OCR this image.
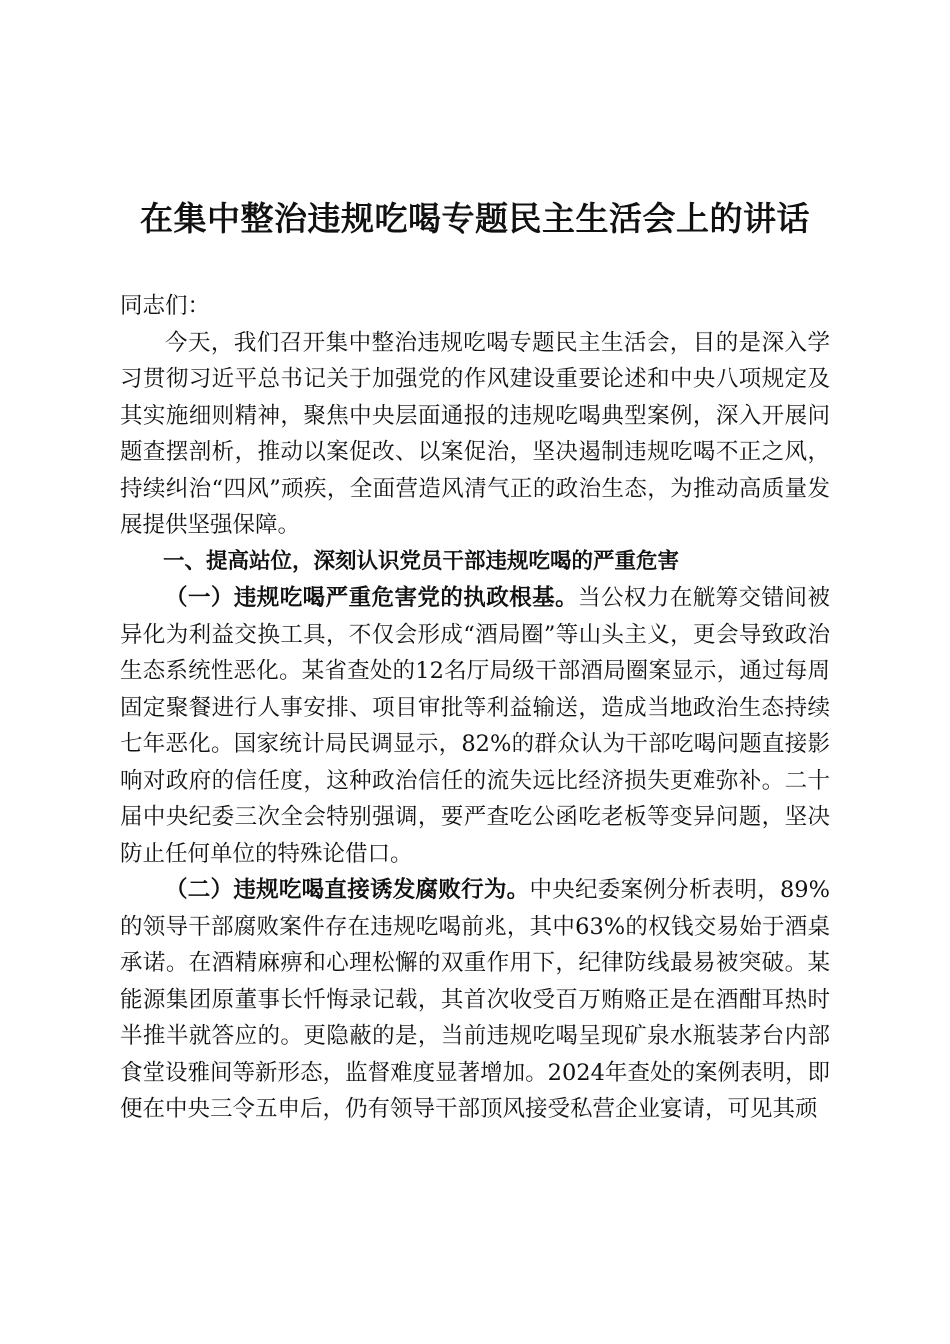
在集中整治违规吃喝专题民主生活会上的讲话

同志们：

今天，我们召开集中整治违规吃喝专题民主生活会，目的是深入学习贯彻习近平总书记关于加强党的作风建设重要论述和中央八项规定及其实施细则精神，聚焦中央层面通报的违规吃喝典型案例，深入开展问题查摆剖析，推动以案促改、以案促治，坚决遏制违规吃喝不正之风，持续纠治“四风”顽疾，全面营造风清气正的政治生态，为推动高质量发展提供坚强保障。

一、提高站位，深刻认识党员干部违规吃喝的严重危害

（一）违规吃喝严重危害党的执政根基。当公权力在觥筹交错间被异化为利益交换工具，不仅会形成“酒局圈”等山头主义，更会导致政治生态系统性恶化。某省查处的12名厅局级干部酒局圈案显示，通过每周固定聚餐进行人事安排、项目审批等利益输送，造成当地政治生态持续七年恶化。国家统计局民调显示，82%的群众认为干部吃喝问题直接影响对政府的信任度，这种政治信任的流失远比经济损失更难弥补。二十届中央纪委三次全会特别强调，要严查吃公函吃老板等变异问题，坚决防止任何单位的特殊论借口。

（二）违规吃喝直接诱发腐败行为。中央纪委案例分析表明，89%的领导干部腐败案件存在违规吃喝前兆，其中63%的权钱交易始于酒桌承诺。在酒精麻痹和心理松懈的双重作用下，纪律防线最易被突破。某能源集团原董事长忏悔录记载，其首次收受百万贿赂正是在酒酣耳热时半推半就答应的。更隐蔽的是，当前违规吃喝呈现矿泉水瓶装茅台内部食堂设雅间等新形态，监督难度显著增加。2024年查处的案例表明，即便在中央三令五申后，仍有领导干部顶风接受私营企业宴请，可见其顽
